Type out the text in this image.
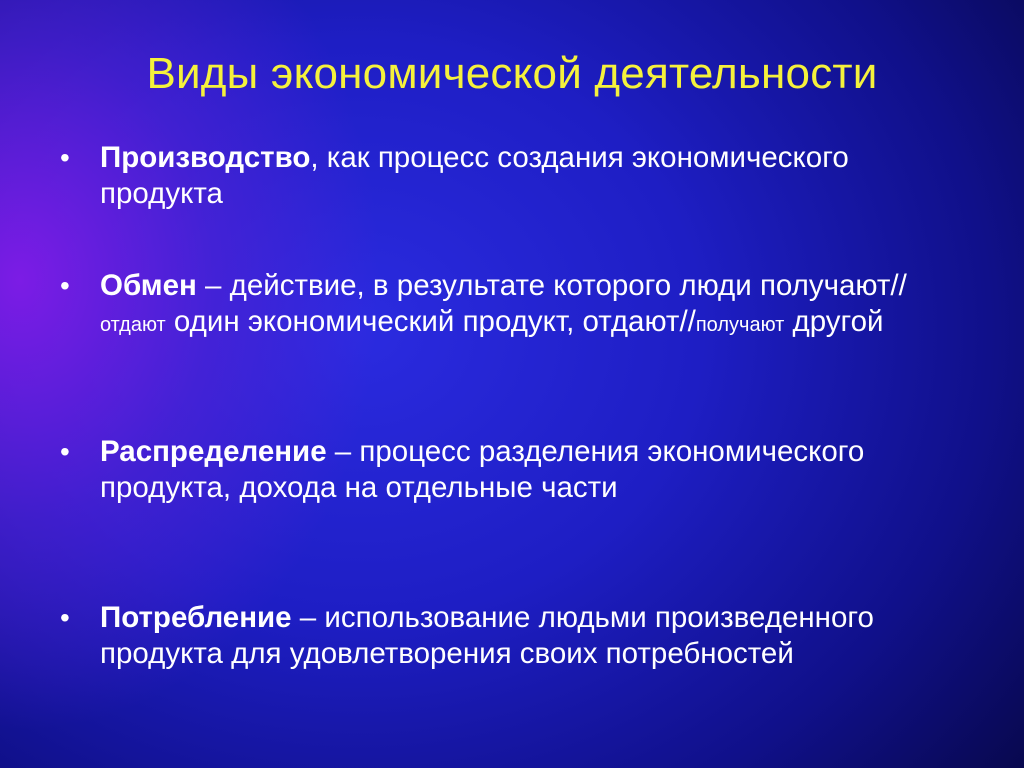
Виды экономической деятельности
• Производство, как процесс создания экономического продукта
• Обмен – действие, в результате которого люди получают//отдают один экономический продукт, отдают//получают другой
• Распределение – процесс разделения экономического продукта, дохода на отдельные части
• Потребление – использование людьми произведенного продукта для удовлетворения своих потребностей
